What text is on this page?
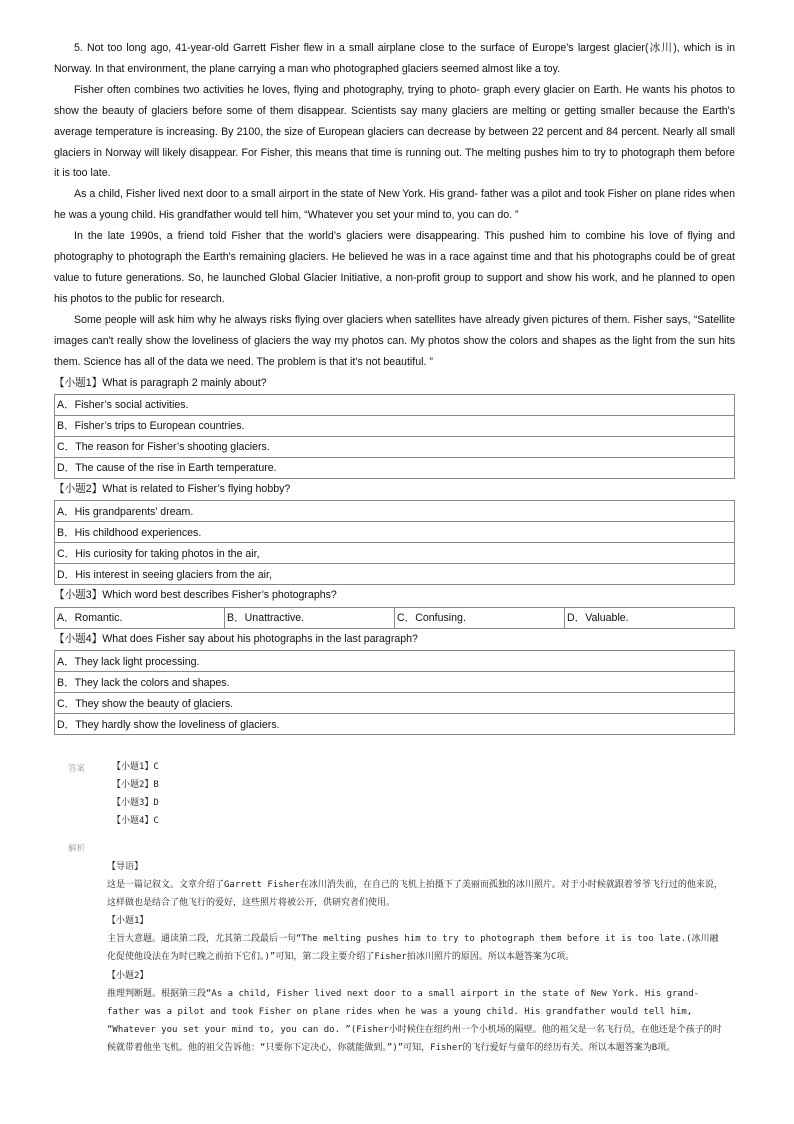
5. Not too long ago, 41-year-old Garrett Fisher flew in a small airplane close to the surface of Europe’s largest glacier(冰川), which is in Norway. In that environment, the plane carrying a man who photographed glaciers seemed almost like a toy.

Fisher often combines two activities he loves, flying and photography, trying to photo- graph every glacier on Earth. He wants his photos to show the beauty of glaciers before some of them disappear. Scientists say many glaciers are melting or getting smaller because the Earth's average temperature is increasing. By 2100, the size of European glaciers can decrease by between 22 percent and 84 percent. Nearly all small glaciers in Norway will likely disappear. For Fisher, this means that time is running out. The melting pushes him to try to photograph them before it is too late.

As a child, Fisher lived next door to a small airport in the state of New York. His grand- father was a pilot and took Fisher on plane rides when he was a young child. His grandfather would tell him, “Whatever you set your mind to, you can do. ”

In the late 1990s, a friend told Fisher that the world’s glaciers were disappearing. This pushed him to combine his love of flying and photography to photograph the Earth's remaining glaciers. He believed he was in a race against time and that his photographs could be of great value to future generations. So, he launched Global Glacier Initiative, a non-profit group to support and show his work, and he planned to open his photos to the public for research.

Some people will ask him why he always risks flying over glaciers when satellites have already given pictures of them. Fisher says, “Satellite images can't really show the loveliness of glaciers the way my photos can. My photos show the colors and shapes as the light from the sun hits them. Science has all of the data we need. The problem is that it’s not beautiful. ”

【小题1】What is paragraph 2 mainly about?

A．Fisher’s social activities.
B．Fisher’s trips to European countries.
C．The reason for Fisher’s shooting glaciers.
D．The cause of the rise in Earth temperature.

【小题2】What is related to Fisher’s flying hobby?

A．His grandparents' dream.
B．His childhood experiences.
C．His curiosity for taking photos in the air,
D．His interest in seeing glaciers from the air,

【小题3】Which word best describes Fisher’s photographs?

A．Romantic.	B．Unattractive.	C．Confusing.	D．Valuable.

【小题4】What does Fisher say about his photographs in the last paragraph?

A．They lack light processing.
B．They lack the colors and shapes.
C．They show the beauty of glaciers.
D．They hardly show the loveliness of glaciers.
答案	【小题1】C
【小题2】B
【小题3】D
【小题4】C
解析

【导语】

这是一篇记叙文。文章介绍了Garrett Fisher在冰川消失前，在自己的飞机上拍摄下了美丽而孤独的冰川照片。对于小时候就跟着爷爷飞行过的他来说，这样做也是结合了他飞行的爱好，这些照片将被公开，供研究者们使用。

【小题1】

主旨大意题。通读第二段，尤其第二段最后一句“The melting pushes him to try to photograph them before it is too late.(冰川融化促使他设法在为时已晚之前拍下它们。)”可知，第二段主要介绍了Fisher拍冰川照片的原因。所以本题答案为C项。

【小题2】

推理判断题。根据第三段“As a child, Fisher lived next door to a small airport in the state of New York. His grand- father was a pilot and took Fisher on plane rides when he was a young child. His grandfather would tell him, “Whatever you set your mind to, you can do. ”(Fisher小时候住在纽约州一个小机场的隔壁。他的祖父是一名飞行员，在他还是个孩子的时候就带着他坐飞机。他的祖父告诉他：“只要你下定决心，你就能做到。”)”可知，Fisher的飞行爱好与童年的经历有关。所以本题答案为B项。
